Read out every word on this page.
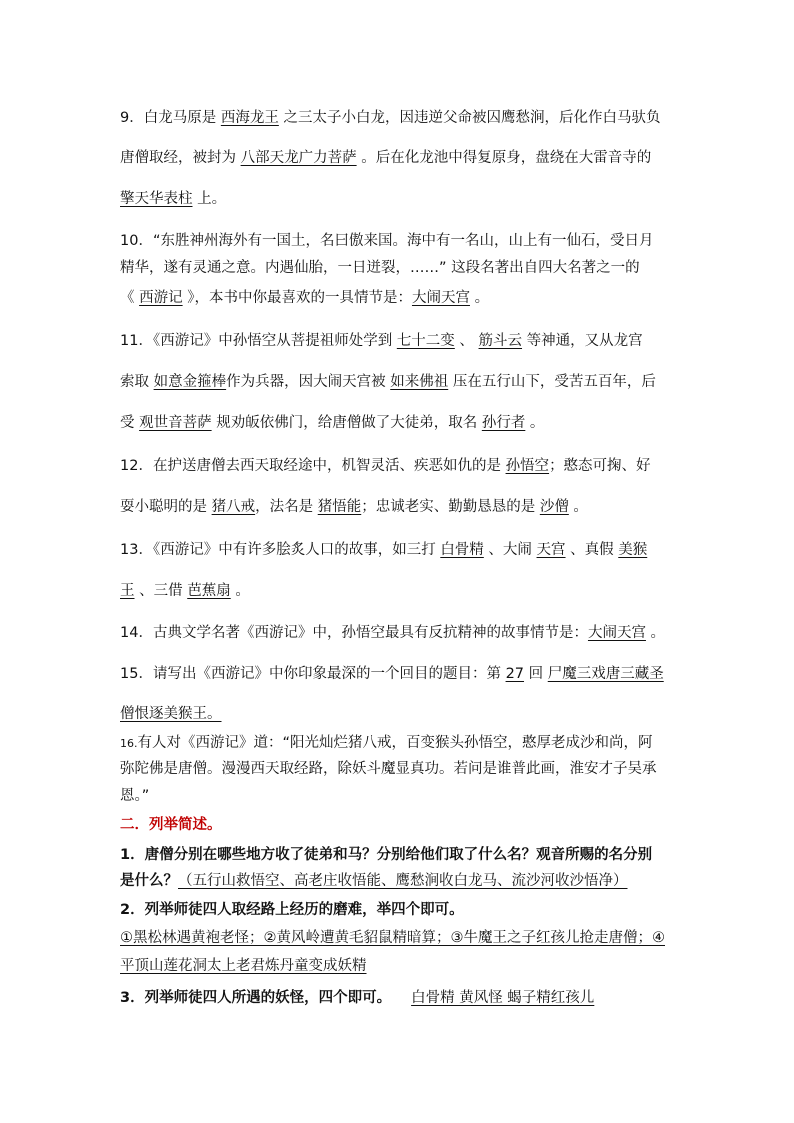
9．白龙马原是 西海龙王 之三太子小白龙，因违逆父命被囚鹰愁涧，后化作白马驮负

唐僧取经，被封为 八部天龙广力菩萨 。后在化龙池中得复原身，盘绕在大雷音寺的

擎天华表柱 上。

10．“东胜神州海外有一国土，名曰傲来国。海中有一名山，山上有一仙石，受日月

精华，遂有灵通之意。内遇仙胎，一日迸裂，……” 这段名著出自四大名著之一的

《 西游记 》，本书中你最喜欢的一具情节是：大闹天宫 。

11．《西游记》中孙悟空从菩提祖师处学到 七十二变 、 筋斗云 等神通，又从龙宫

索取 如意金箍棒作为兵器，因大闹天宫被 如来佛祖 压在五行山下，受苦五百年，后

受 观世音菩萨 规劝皈依佛门，给唐僧做了大徒弟，取名 孙行者 。

12．在护送唐僧去西天取经途中，机智灵活、疾恶如仇的是 孙悟空；憨态可掬、好

耍小聪明的是 猪八戒，法名是 猪悟能；忠诚老实、勤勤恳恳的是 沙僧 。

13．《西游记》中有许多脍炙人口的故事，如三打 白骨精 、大闹 天宫 、真假 美猴

王 、三借 芭蕉扇 。

14．古典文学名著《西游记》中，孙悟空最具有反抗精神的故事情节是：大闹天宫 。

15．请写出《西游记》中你印象最深的一个回目的题目：第 27 回 尸魔三戏唐三藏圣

僧恨逐美猴王。

16.有人对《西游记》道：“阳光灿烂猪八戒，百变猴头孙悟空，憨厚老成沙和尚，阿

弥陀佛是唐僧。漫漫西天取经路，除妖斗魔显真功。若问是谁普此画，淮安才子吴承

恩。”

二．列举简述。

1．唐僧分别在哪些地方收了徒弟和马？分别给他们取了什么名？观音所赐的名分别

是什么？（五行山救悟空、高老庄收悟能、鹰愁涧收白龙马、流沙河收沙悟净）

2．列举师徒四人取经路上经历的磨难，举四个即可。

①黑松林遇黄袍老怪；②黄风岭遭黄毛貂鼠精暗算；③牛魔王之子红孩儿抢走唐僧；④

平顶山莲花洞太上老君炼丹童变成妖精

3．列举师徒四人所遇的妖怪，四个即可。 白骨精 黄风怪 蝎子精红孩儿
